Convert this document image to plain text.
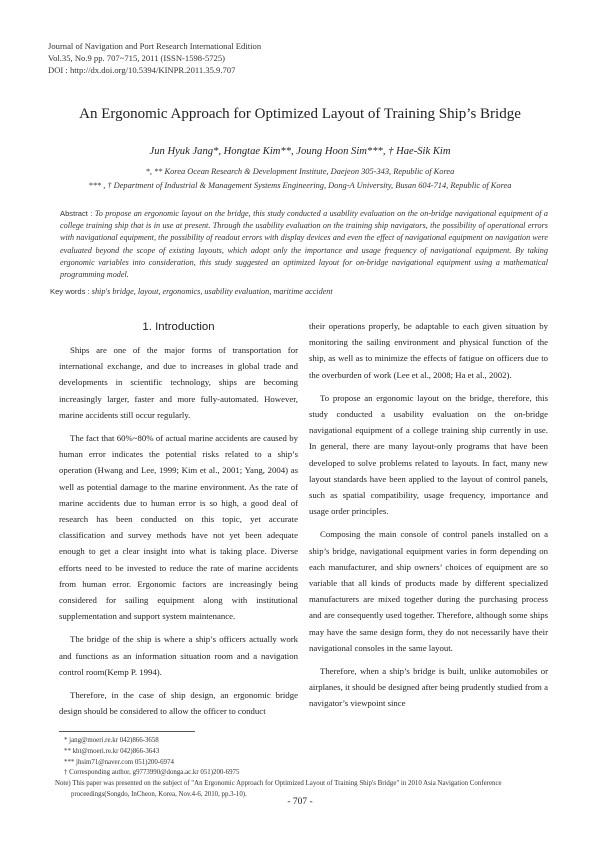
Journal of Navigation and Port Research International Edition
Vol.35, No.9 pp. 707~715, 2011 (ISSN-1598-5725)
DOI : http://dx.doi.org/10.5394/KINPR.2011.35.9.707
An Ergonomic Approach for Optimized Layout of Training Ship’s Bridge
Jun Hyuk Jang*, Hongtae Kim**, Joung Hoon Sim***, † Hae-Sik Kim
*, ** Korea Ocean Research & Development Institute, Daejeon 305-343, Republic of Korea
*** , † Department of Industrial & Management Systems Engineering, Dong-A University, Busan 604-714, Republic of Korea
Abstract : To propose an ergonomic layout on the bridge, this study conducted a usability evaluation on the on-bridge navigational equipment of a college training ship that is in use at present. Through the usability evaluation on the training ship navigators, the possibility of operational errors with navigational equipment, the possibility of readout errors with display devices and even the effect of navigational equipment on navigation were evaluated beyond the scope of existing layouts, which adopt only the importance and usage frequency of navigational equipment. By taking ergonomic variables into consideration, this study suggested an optimized layout for on-bridge navigational equipment using a mathematical programming model.
Key words : ship's bridge, layout, ergonomics, usability evaluation, maritime accident
1. Introduction

Ships are one of the major forms of transportation for international exchange, and due to increases in global trade and developments in scientific technology, ships are becoming increasingly larger, faster and more fully-automated. However, marine accidents still occur regularly.

The fact that 60%~80% of actual marine accidents are caused by human error indicates the potential risks related to a ship’s operation (Hwang and Lee, 1999; Kim et al., 2001; Yang, 2004) as well as potential damage to the marine environment. As the rate of marine accidents due to human error is so high, a good deal of research has been conducted on this topic, yet accurate classification and survey methods have not yet been adequate enough to get a clear insight into what is taking place. Diverse efforts need to be invested to reduce the rate of marine accidents from human error. Ergonomic factors are increasingly being considered for sailing equipment along with institutional supplementation and support system maintenance.

The bridge of the ship is where a ship’s officers actually work and functions as an information situation room and a navigation control room(Kemp P. 1994).

Therefore, in the case of ship design, an ergonomic bridge design should be considered to allow the officer to conduct

their operations properly, be adaptable to each given situation by monitoring the sailing environment and physical function of the ship, as well as to minimize the effects of fatigue on officers due to the overburden of work (Lee et al., 2008; Ha et al., 2002).

To propose an ergonomic layout on the bridge, therefore, this study conducted a usability evaluation on the on-bridge navigational equipment of a college training ship currently in use. In general, there are many layout-only programs that have been developed to solve problems related to layouts. In fact, many new layout standards have been applied to the layout of control panels, such as spatial compatibility, usage frequency, importance and usage order principles.

Composing the main console of control panels installed on a ship’s bridge, navigational equipment varies in form depending on each manufacturer, and ship owners’ choices of equipment are so variable that all kinds of products made by different specialized manufacturers are mixed together during the purchasing process and are consequently used together. Therefore, although some ships may have the same design form, they do not necessarily have their navigational consoles in the same layout.

Therefore, when a ship’s bridge is built, unlike automobiles or airplanes, it should be designed after being prudently studied from a navigator’s viewpoint since

* jang@moeri.re.kr 042)866-3658
** kht@moeri.re.kr 042)866-3643
*** jhsim71@naver.com 051)200-6974
† Corresponding author, g9773990@donga.ac.kr 051)200-6975
Note) This paper was presented on the subject of "An Ergonomic Approach for Optimized Layout of Training Ship's Bridge" in 2010 Asia Navigation Conference proceedings(Songdo, InCheon, Korea, Nov.4-6, 2010, pp.3-10).
- 707 -
